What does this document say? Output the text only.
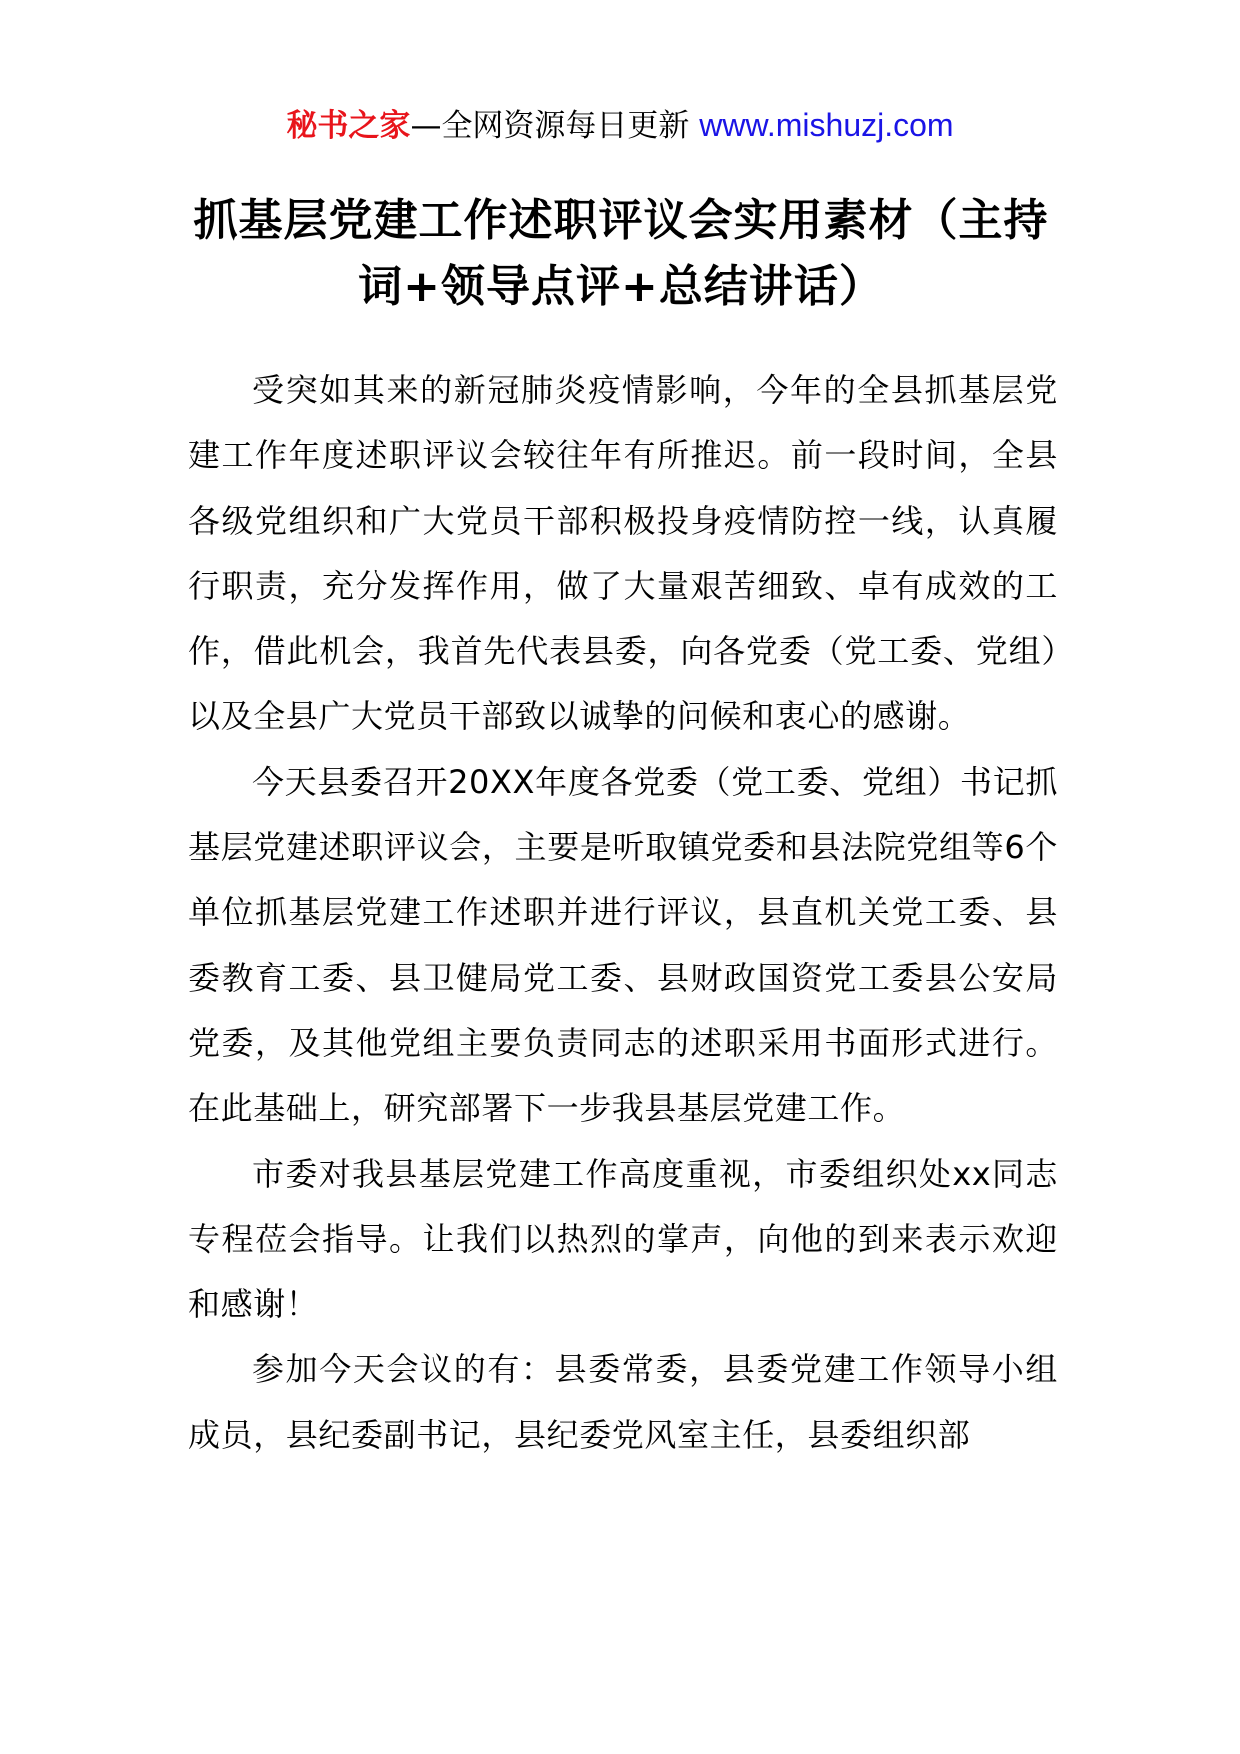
秘书之家—全网资源每日更新 www.mishuzj.com
抓基层党建工作述职评议会实用素材（主持词+领导点评+总结讲话）

受突如其来的新冠肺炎疫情影响，今年的全县抓基层党建工作年度述职评议会较往年有所推迟。前一段时间，全县各级党组织和广大党员干部积极投身疫情防控一线，认真履行职责，充分发挥作用，做了大量艰苦细致、卓有成效的工作，借此机会，我首先代表县委，向各党委（党工委、党组）以及全县广大党员干部致以诚挚的问候和衷心的感谢。

今天县委召开20XX年度各党委（党工委、党组）书记抓基层党建述职评议会，主要是听取镇党委和县法院党组等6个单位抓基层党建工作述职并进行评议，县直机关党工委、县委教育工委、县卫健局党工委、县财政国资党工委县公安局党委，及其他党组主要负责同志的述职采用书面形式进行。在此基础上，研究部署下一步我县基层党建工作。

市委对我县基层党建工作高度重视，市委组织处xx同志专程莅会指导。让我们以热烈的掌声，向他的到来表示欢迎和感谢！

参加今天会议的有：县委常委，县委党建工作领导小组成员，县纪委副书记，县纪委党风室主任，县委组织部
